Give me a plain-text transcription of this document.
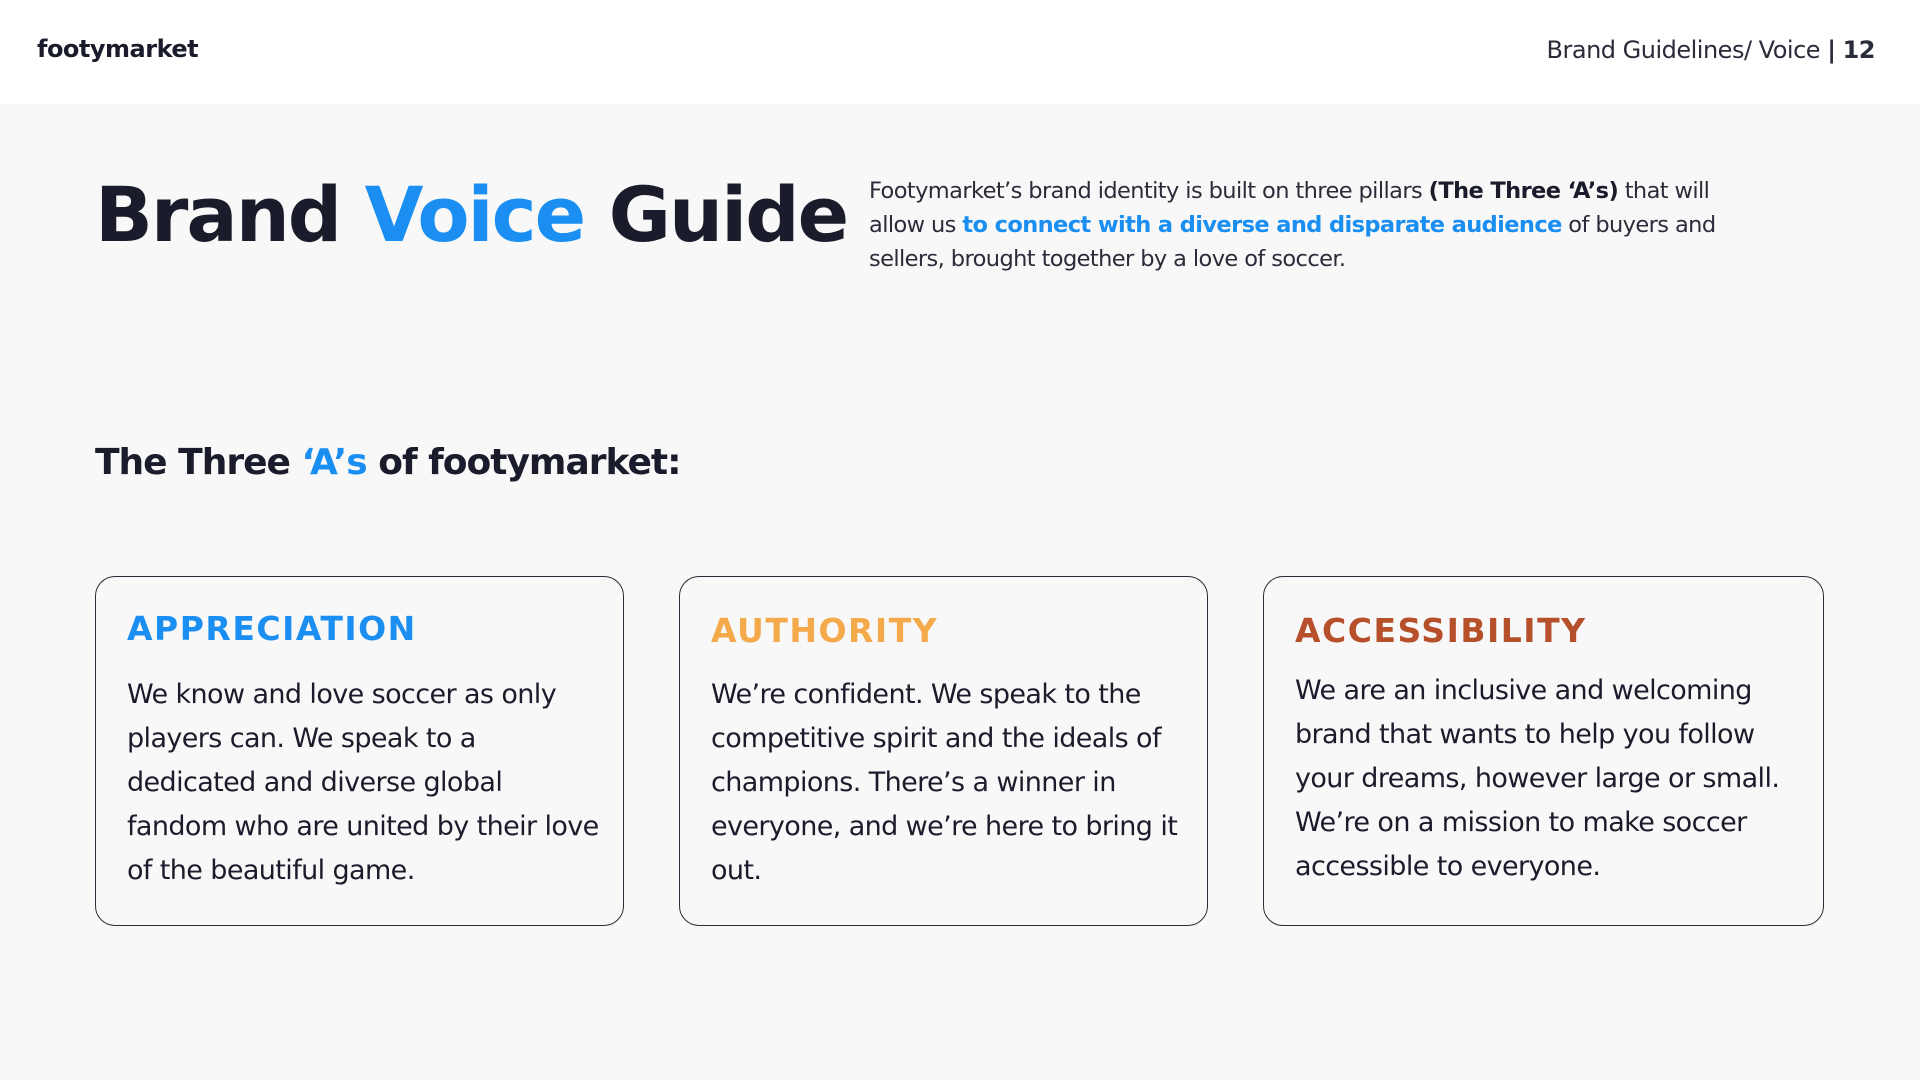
footymarket	Brand Guidelines/ Voice | 12
Brand Voice Guide Footymarket’s brand identity is built on three pillars (The Three ‘A’s) that will allow us to connect with a diverse and disparate audience of buyers and sellers, brought together by a love of soccer.

The Three ‘A’s of footymarket:
APPRECIATION

We know and love soccer as only players can. We speak to a dedicated and diverse global fandom who are united by their love of the beautiful game.

AUTHORITY

We’re confident. We speak to the competitive spirit and the ideals of champions. There’s a winner in everyone, and we’re here to bring it out.

ACCESSIBILITY

We are an inclusive and welcoming brand that wants to help you follow your dreams, however large or small. We’re on a mission to make soccer accessible to everyone.
